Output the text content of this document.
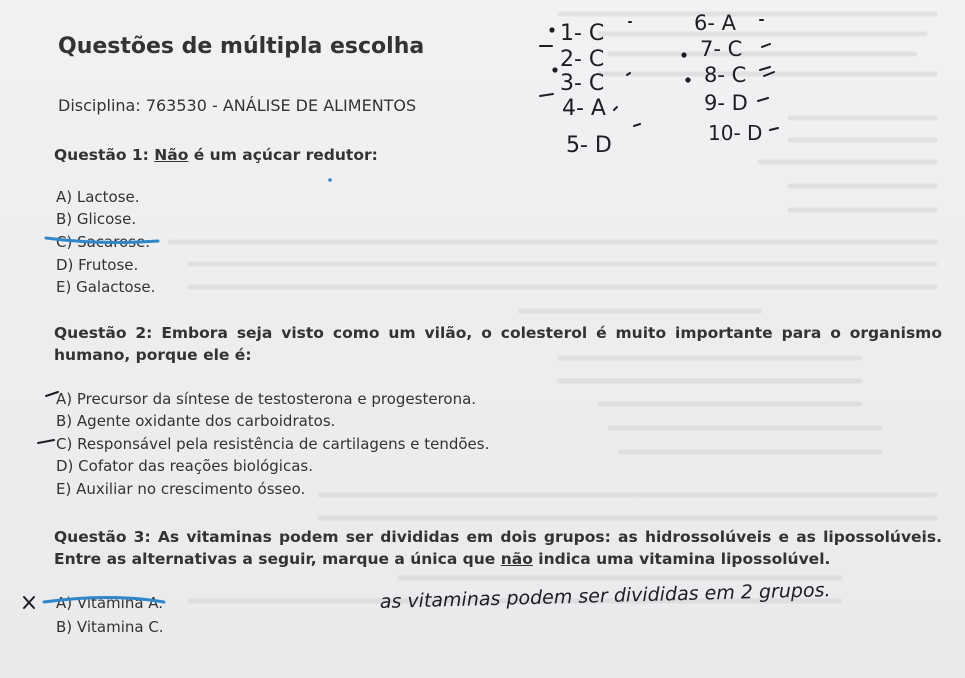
Questões de múltipla escolha
Disciplina: 763530 - ANÁLISE DE ALIMENTOS
Questão 1: Não é um açúcar redutor:
A) Lactose.
B) Glicose.
C) Sacarose.
D) Frutose.
E) Galactose.
Questão 2: Embora seja visto como um vilão, o colesterol é muito importante para o organismo humano, porque ele é:
A) Precursor da síntese de testosterona e progesterona.
B) Agente oxidante dos carboidratos.
C) Responsável pela resistência de cartilagens e tendões.
D) Cofator das reações biológicas.
E) Auxiliar no crescimento ósseo.
Questão 3: As vitaminas podem ser divididas em dois grupos: as hidrossolúveis e as lipossolúveis. Entre as alternativas a seguir, marque a única que não indica uma vitamina lipossolúvel.
A) Vitamina A.
B) Vitamina C.
1- C
2- C
3- C
4- A
5- D
6- A
7- C
8- C
9- D
10- D
as vitaminas podem ser divididas em 2 grupos.
